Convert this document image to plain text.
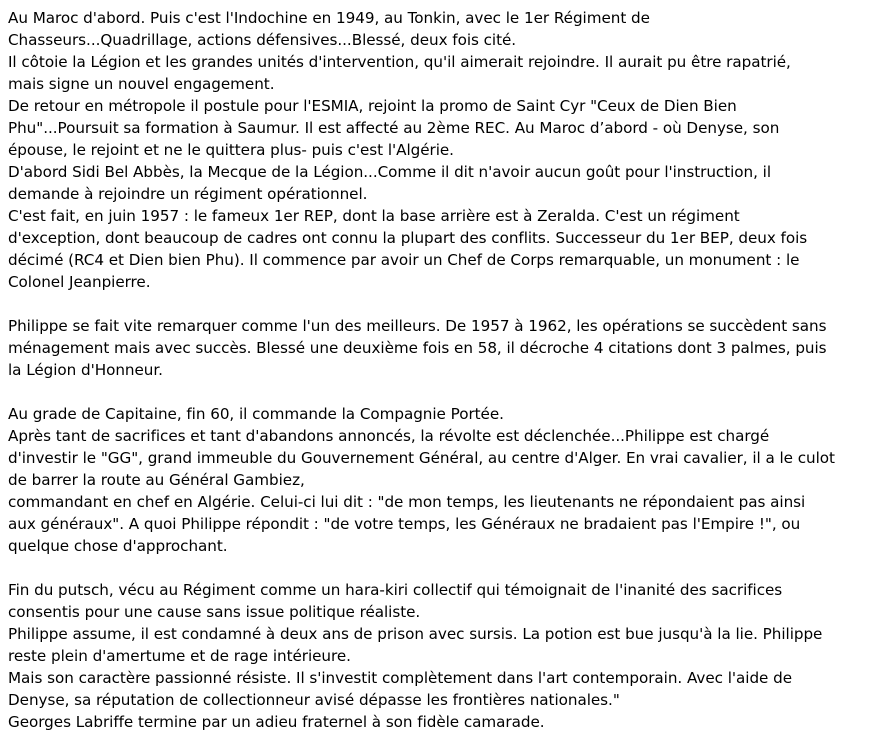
Au Maroc d'abord. Puis c'est l'Indochine en 1949, au Tonkin, avec le 1er Régiment de
Chasseurs...Quadrillage, actions défensives...Blessé, deux fois cité.
Il côtoie la Légion et les grandes unités d'intervention, qu'il aimerait rejoindre. Il aurait pu être rapatrié,
mais signe un nouvel engagement.
De retour en métropole il postule pour l'ESMIA, rejoint la promo de Saint Cyr "Ceux de Dien Bien
Phu"...Poursuit sa formation à Saumur. Il est affecté au 2ème REC. Au Maroc d’abord - où Denyse, son
épouse, le rejoint et ne le quittera plus- puis c'est l'Algérie.
D'abord Sidi Bel Abbès, la Mecque de la Légion...Comme il dit n'avoir aucun goût pour l'instruction, il
demande à rejoindre un régiment opérationnel.
C'est fait, en juin 1957 : le fameux 1er REP, dont la base arrière est à Zeralda. C'est un régiment
d'exception, dont beaucoup de cadres ont connu la plupart des conflits. Successeur du 1er BEP, deux fois
décimé (RC4 et Dien bien Phu). Il commence par avoir un Chef de Corps remarquable, un monument : le
Colonel Jeanpierre.
Philippe se fait vite remarquer comme l'un des meilleurs. De 1957 à 1962, les opérations se succèdent sans
ménagement mais avec succès. Blessé une deuxième fois en 58, il décroche 4 citations dont 3 palmes, puis
la Légion d'Honneur.
Au grade de Capitaine, fin 60, il commande la Compagnie Portée.
Après tant de sacrifices et tant d'abandons annoncés, la révolte est déclenchée...Philippe est chargé
d'investir le "GG", grand immeuble du Gouvernement Général, au centre d'Alger. En vrai cavalier, il a le culot
de barrer la route au Général Gambiez,
commandant en chef en Algérie. Celui-ci lui dit : "de mon temps, les lieutenants ne répondaient pas ainsi
aux généraux". A quoi Philippe répondit : "de votre temps, les Généraux ne bradaient pas l'Empire !", ou
quelque chose d'approchant.
Fin du putsch, vécu au Régiment comme un hara-kiri collectif qui témoignait de l'inanité des sacrifices
consentis pour une cause sans issue politique réaliste.
Philippe assume, il est condamné à deux ans de prison avec sursis. La potion est bue jusqu'à la lie. Philippe
reste plein d'amertume et de rage intérieure.
Mais son caractère passionné résiste. Il s'investit complètement dans l'art contemporain. Avec l'aide de
Denyse, sa réputation de collectionneur avisé dépasse les frontières nationales."
Georges Labriffe termine par un adieu fraternel à son fidèle camarade.
